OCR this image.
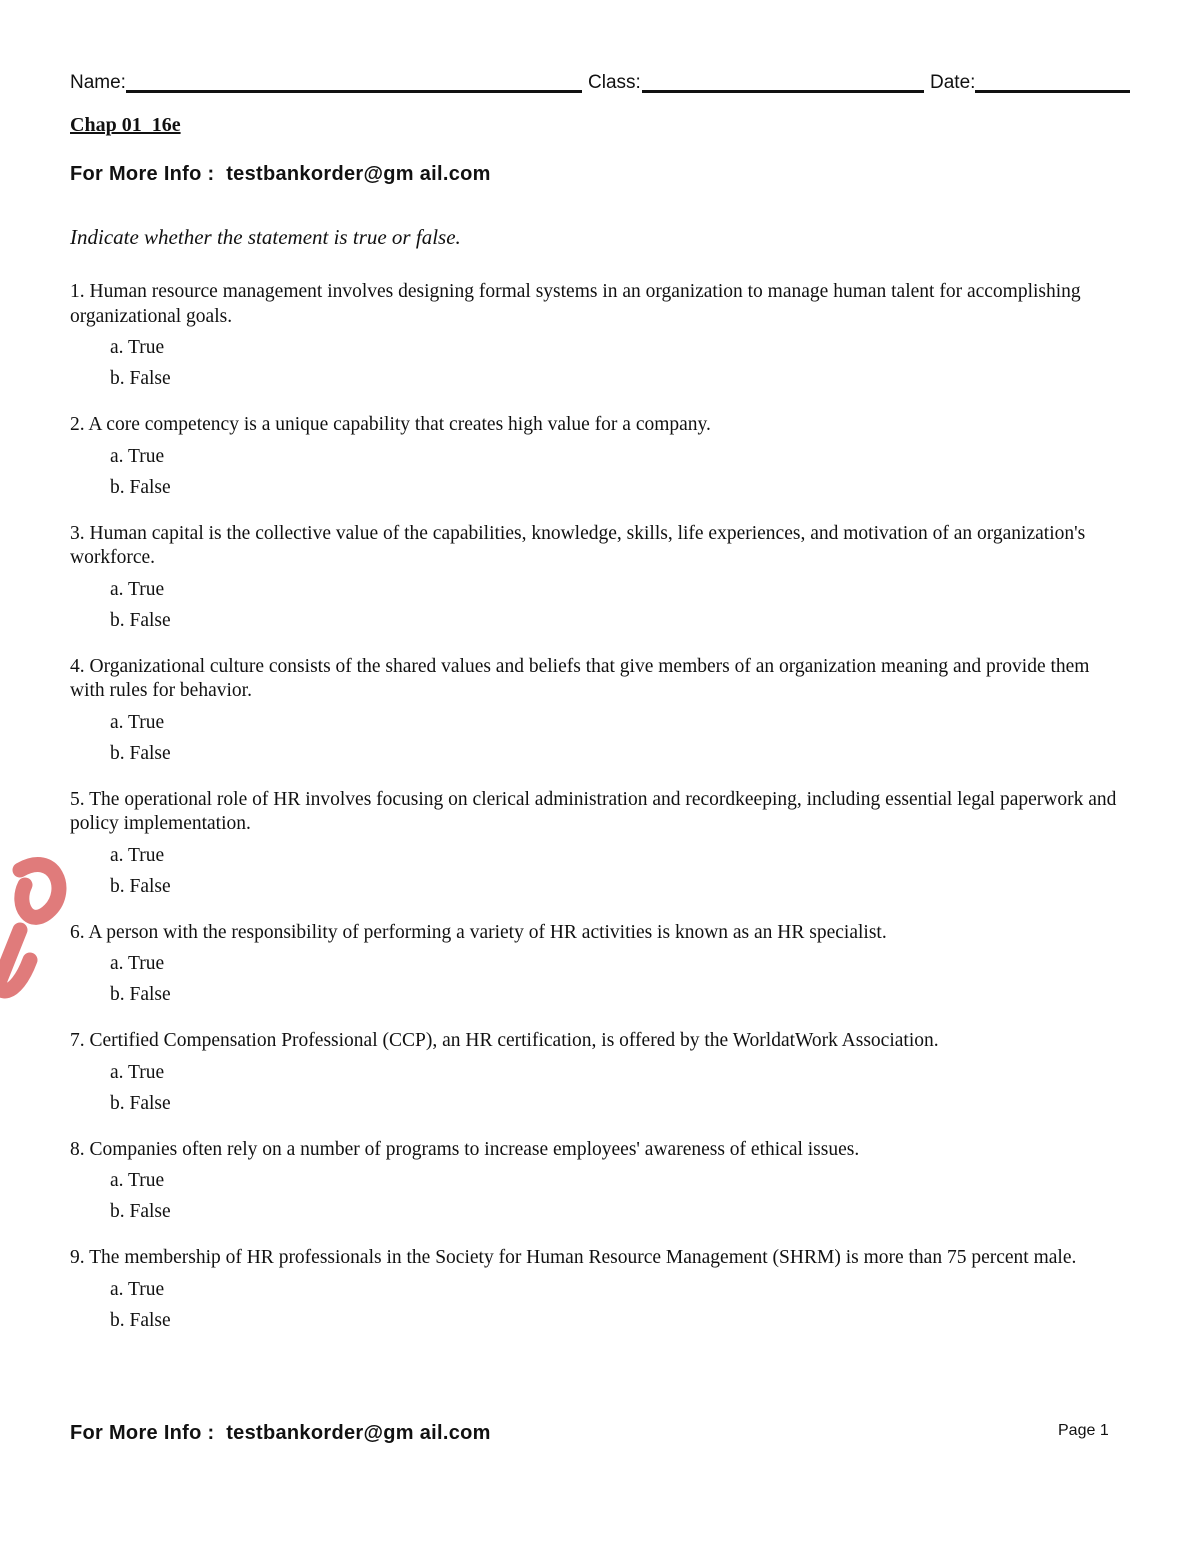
Name:	Class:	Date:
Chap 01_16e
For More Info :  testbankorder@gm ail.com
Indicate whether the statement is true or false.

1. Human resource management involves designing formal systems in an organization to manage human talent for accomplishing organizational goals.

a. True
b. False

2. A core competency is a unique capability that creates high value for a company.

a. True
b. False

3. Human capital is the collective value of the capabilities, knowledge, skills, life experiences, and motivation of an organization's workforce.

a. True
b. False

4. Organizational culture consists of the shared values and beliefs that give members of an organization meaning and provide them with rules for behavior.

a. True
b. False

5. The operational role of HR involves focusing on clerical administration and recordkeeping, including essential legal paperwork and policy implementation.

a. True
b. False

6. A person with the responsibility of performing a variety of HR activities is known as an HR specialist.

a. True
b. False

7. Certified Compensation Professional (CCP), an HR certification, is offered by the WorldatWork Association.

a. True
b. False

8. Companies often rely on a number of programs to increase employees' awareness of ethical issues.

a. True
b. False

9. The membership of HR professionals in the Society for Human Resource Management (SHRM) is more than 75 percent male.

a. True
b. False
For More Info :  testbankorder@gm ail.com	Page 1
